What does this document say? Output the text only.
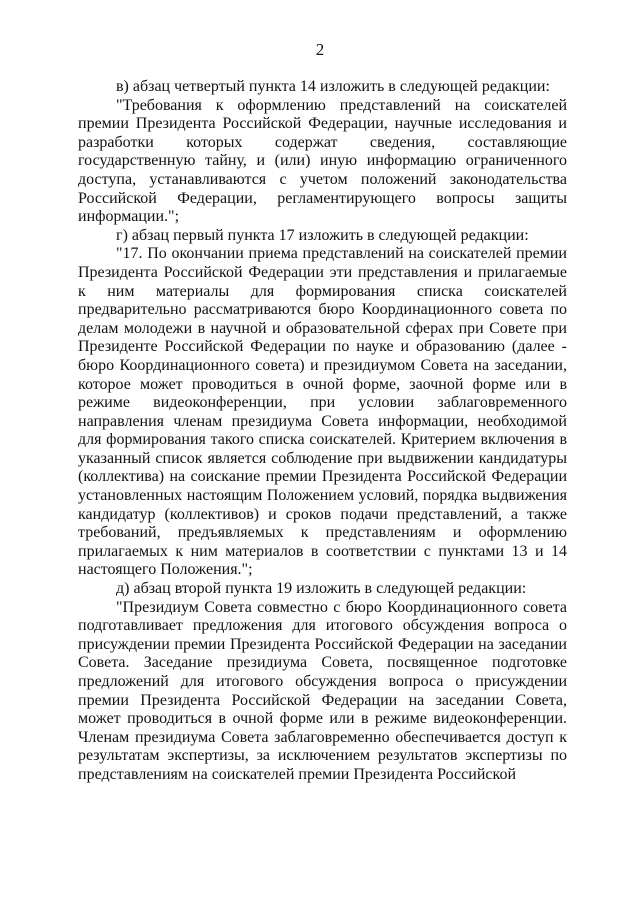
2

в) абзац четвертый пункта 14 изложить в следующей редакции:

"Требования к оформлению представлений на соискателей премии Президента Российской Федерации, научные исследования и разработки которых содержат сведения, составляющие государственную тайну, и (или) иную информацию ограниченного доступа, устанавливаются с учетом положений законодательства Российской Федерации, регламентирующего вопросы защиты информации.";

г) абзац первый пункта 17 изложить в следующей редакции:

"17. По окончании приема представлений на соискателей премии Президента Российской Федерации эти представления и прилагаемые к ним материалы для формирования списка соискателей предварительно рассматриваются бюро Координационного совета по делам молодежи в научной и образовательной сферах при Совете при Президенте Российской Федерации по науке и образованию (далее - бюро Координационного совета) и президиумом Совета на заседании, которое может проводиться в очной форме, заочной форме или в режиме видеоконференции, при условии заблаговременного направления членам президиума Совета информации, необходимой для формирования такого списка соискателей. Критерием включения в указанный список является соблюдение при выдвижении кандидатуры (коллектива) на соискание премии Президента Российской Федерации установленных настоящим Положением условий, порядка выдвижения кандидатур (коллективов) и сроков подачи представлений, а также требований, предъявляемых к представлениям и оформлению прилагаемых к ним материалов в соответствии с пунктами 13 и 14 настоящего Положения.";

д) абзац второй пункта 19 изложить в следующей редакции:

"Президиум Совета совместно с бюро Координационного совета подготавливает предложения для итогового обсуждения вопроса о присуждении премии Президента Российской Федерации на заседании Совета. Заседание президиума Совета, посвященное подготовке предложений для итогового обсуждения вопроса о присуждении премии Президента Российской Федерации на заседании Совета, может проводиться в очной форме или в режиме видеоконференции. Членам президиума Совета заблаговременно обеспечивается доступ к результатам экспертизы, за исключением результатов экспертизы по представлениям на соискателей премии Президента Российской
